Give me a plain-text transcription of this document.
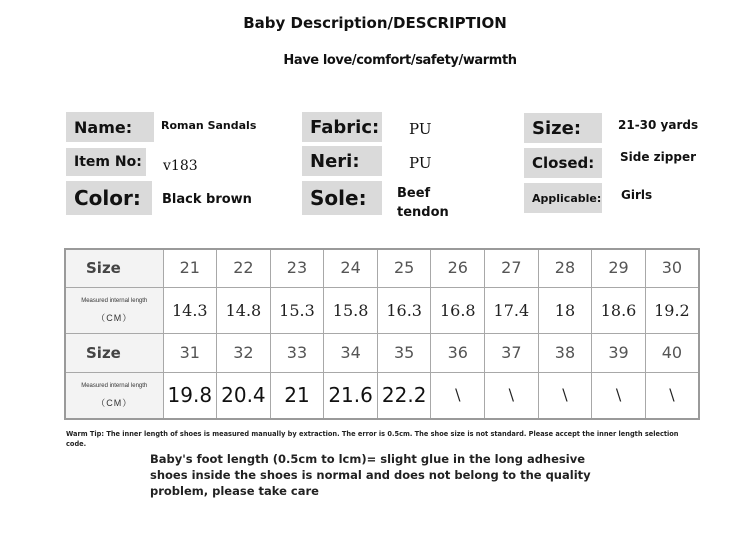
Baby Description/DESCRIPTION
Have love/comfort/safety/warmth
Name:	Roman Sandals
Item No:	v183
Color:	Black brown
Fabric: PU
Neri:	PU
Sole:	Beef
tendon
Size:	21-30 yards
Closed:	Side zipper
Applicable: Girls
Size	21	22	23	24	25	26	27	28	29	30

Measured internal length
（CM）	14.3	14.8	15.3	15.8	16.3	16.8	17.4	18	18.6	19.2

Size	31	32	33	34	35	36	37	38	39	40

Measured internal length
（CM）	19.8	20.4	21	21.6	22.2	\	\	\	\	\
Warm Tip: The inner length of shoes is measured manually by extraction. The error is 0.5cm. The shoe size is not standard. Please accept the inner length selection code.
Baby's foot length (0.5cm to lcm)= slight glue in the long adhesive shoes inside the shoes is normal and does not belong to the quality problem, please take care
